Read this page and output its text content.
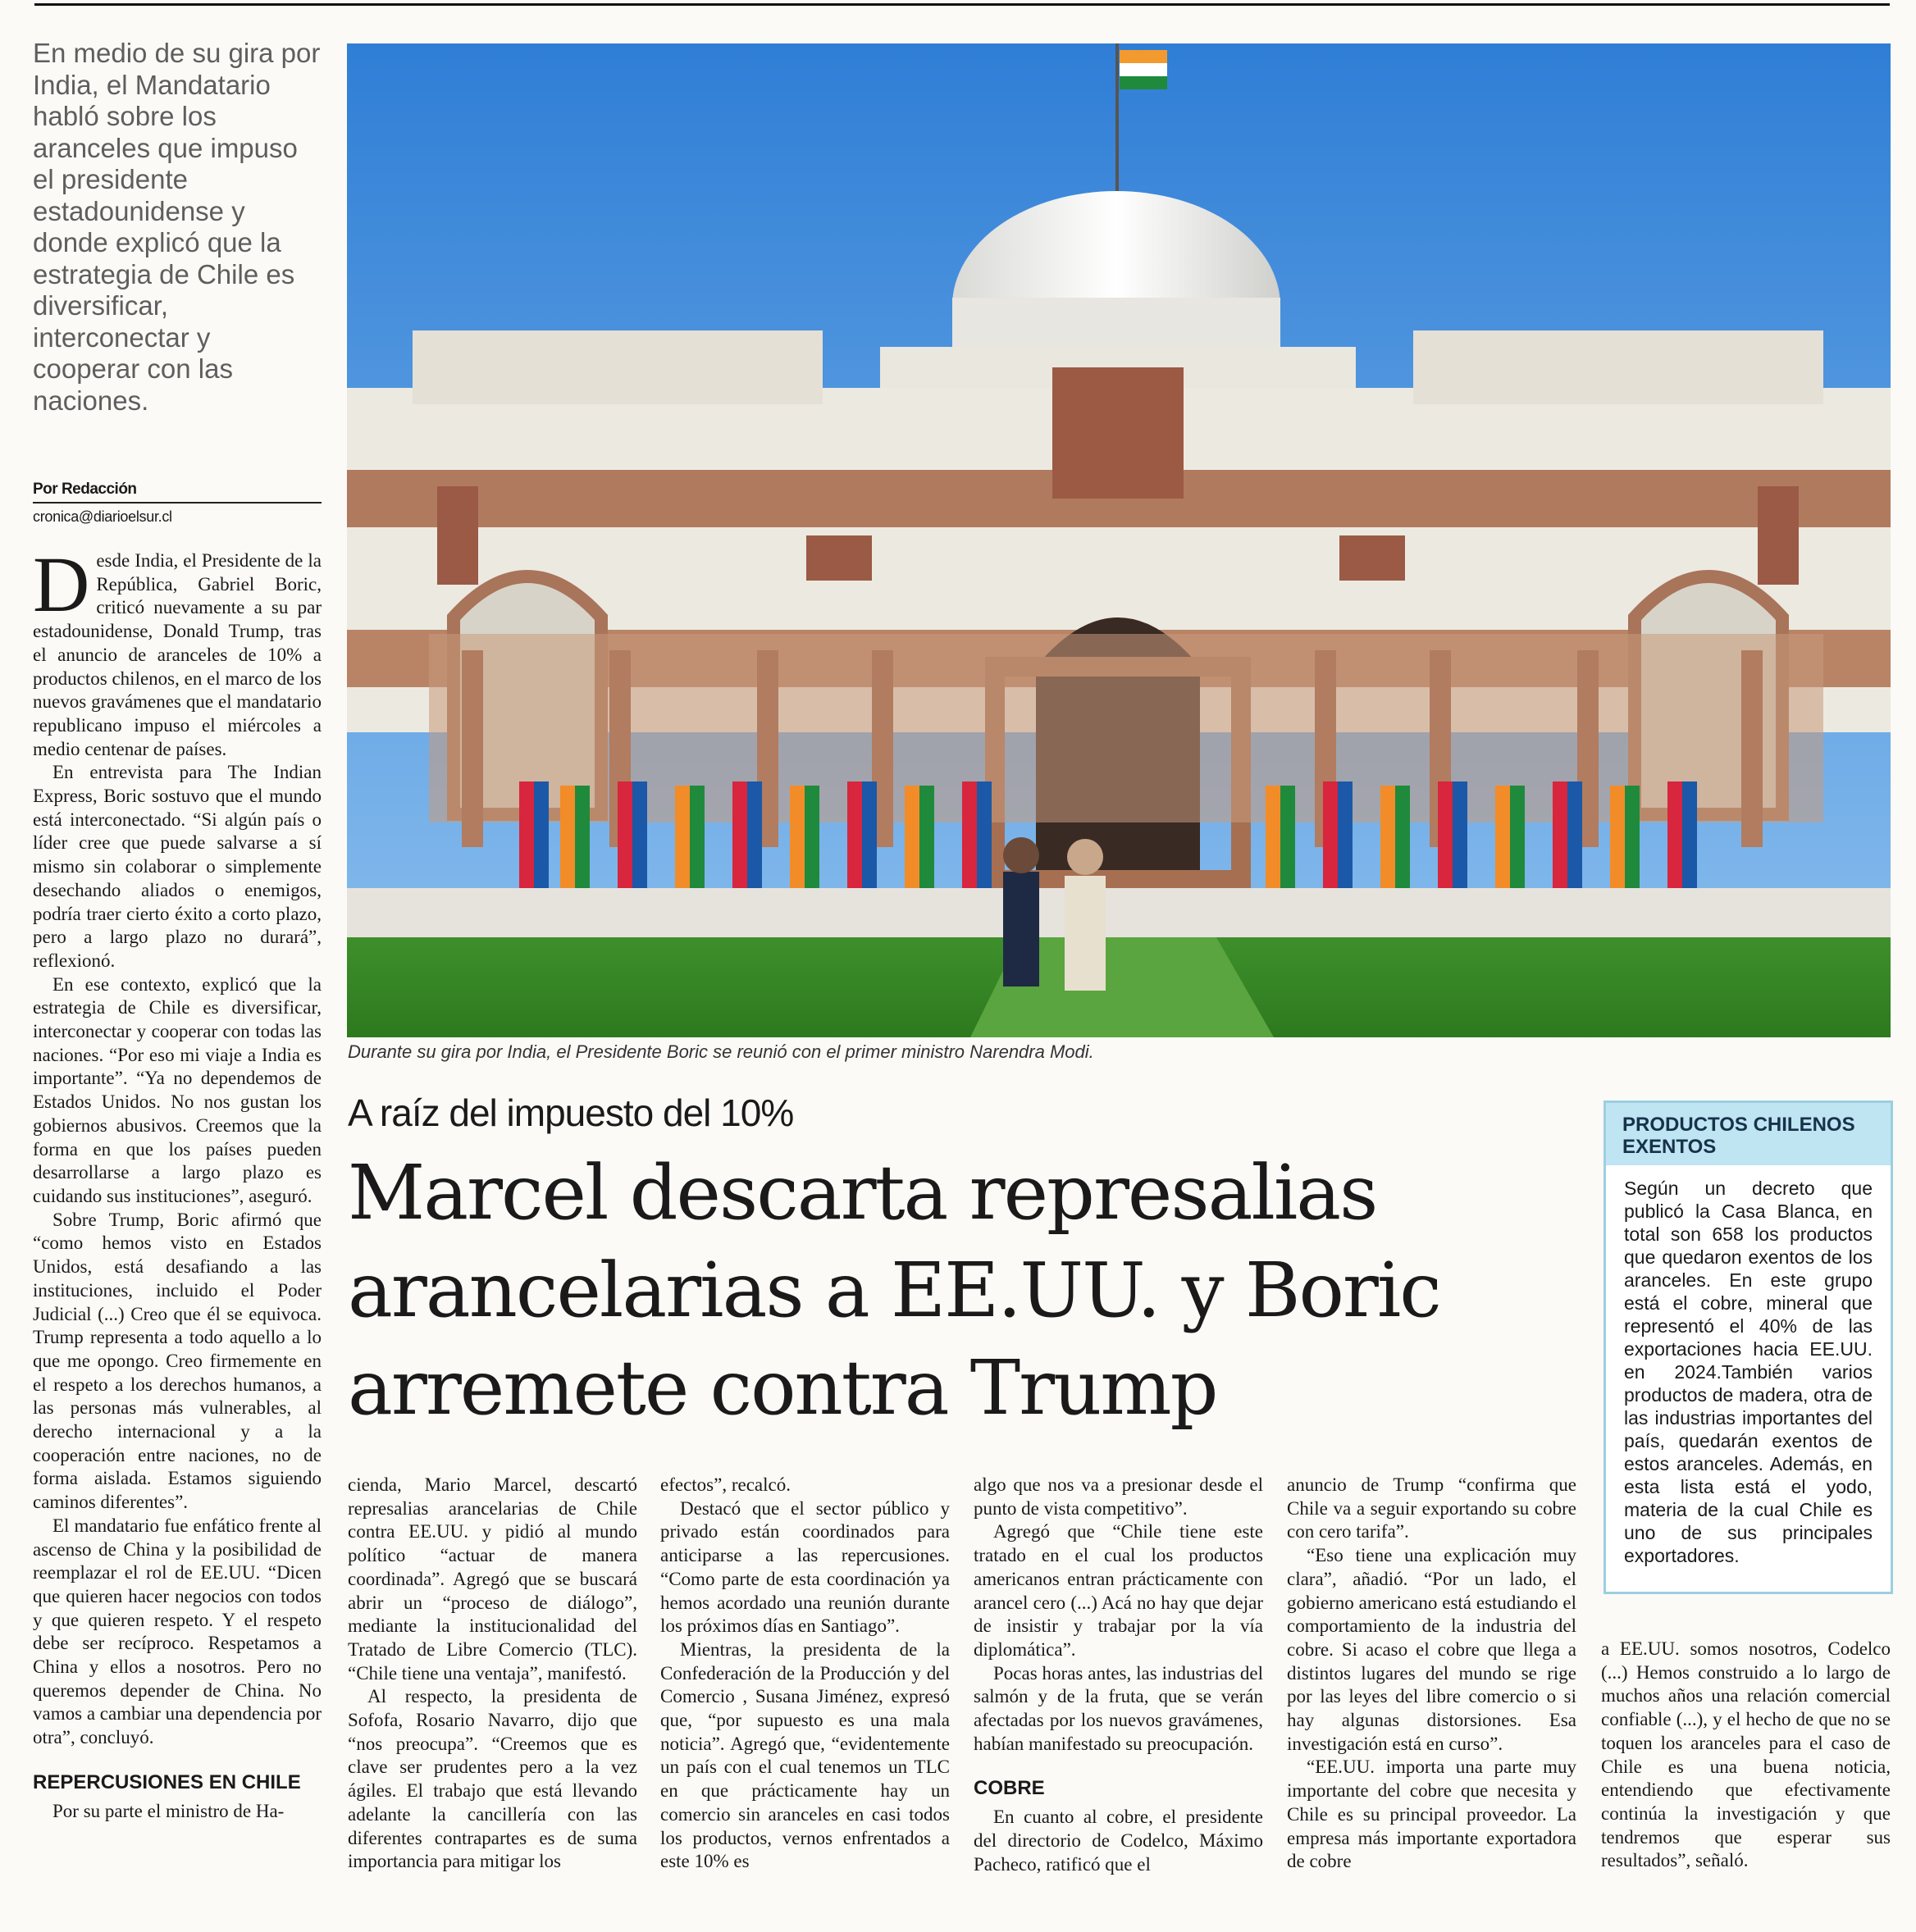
En medio de su gira por India, el Mandatario habló sobre los aranceles que impuso el presidente estadounidense y donde explicó que la estrategia de Chile es diversificar, interconectar y cooperar con las naciones.
Por Redacción
cronica@diarioelsur.cl
D esde India, el Presidente de la República, Gabriel Boric, criticó nuevamente a su par estadounidense, Donald Trump, tras el anuncio de aranceles de 10% a productos chilenos, en el marco de los nuevos gravámenes que el mandatario republicano impuso el miércoles a medio centenar de países.

En entrevista para The Indian Express, Boric sostuvo que el mundo está interconectado. “Si algún país o líder cree que puede salvarse a sí mismo sin colaborar o simplemente desechando aliados o enemigos, podría traer cierto éxito a corto plazo, pero a largo plazo no durará”, reflexionó.

En ese contexto, explicó que la estrategia de Chile es diversificar, interconectar y cooperar con todas las naciones. “Por eso mi viaje a India es importante”. “Ya no dependemos de Estados Unidos. No nos gustan los gobiernos abusivos. Creemos que la forma en que los países pueden desarrollarse a largo plazo es cuidando sus instituciones”, aseguró.

Sobre Trump, Boric afirmó que “como hemos visto en Estados Unidos, está desafiando a las instituciones, incluido el Poder Judicial (...) Creo que él se equivoca. Trump representa a todo aquello a lo que me opongo. Creo firmemente en el respeto a los derechos humanos, a las personas más vulnerables, al derecho internacional y a la cooperación entre naciones, no de forma aislada. Estamos siguiendo caminos diferentes”.

El mandatario fue enfático frente al ascenso de China y la posibilidad de reemplazar el rol de EE.UU. “Dicen que quieren hacer negocios con todos y que quieren respeto. Y el respeto debe ser recíproco. Respetamos a China y ellos a nosotros. Pero no queremos depender de China. No vamos a cambiar una dependencia por otra”, concluyó.

REPERCUSIONES EN CHILE

Por su parte el ministro de Ha-

Durante su gira por India, el Presidente Boric se reunió con el primer ministro Narendra Modi.
A raíz del impuesto del 10%
Marcel descarta represalias arancelarias a EE.UU. y Boric arremete contra Trump

cienda, Mario Marcel, descartó represalias arancelarias de Chile contra EE.UU. y pidió al mundo político “actuar de manera coordinada”. Agregó que se buscará abrir un “proceso de diálogo”, mediante la institucionalidad del Tratado de Libre Comercio (TLC). “Chile tiene una ventaja”, manifestó.

Al respecto, la presidenta de Sofofa, Rosario Navarro, dijo que “nos preocupa”. “Creemos que es clave ser prudentes pero a la vez ágiles. El trabajo que está llevando adelante la cancillería con las diferentes contrapartes es de suma importancia para mitigar los

efectos”, recalcó.

Destacó que el sector público y privado están coordinados para anticiparse a las repercusiones. “Como parte de esta coordinación ya hemos acordado una reunión durante los próximos días en Santiago”.

Mientras, la presidenta de la Confederación de la Producción y del Comercio , Susana Jiménez, expresó que, “por supuesto es una mala noticia”. Agregó que, “evidentemente un país con el cual tenemos un TLC en que prácticamente hay un comercio sin aranceles en casi todos los productos, vernos enfrentados a este 10% es

algo que nos va a presionar desde el punto de vista competitivo”.

Agregó que “Chile tiene este tratado en el cual los productos americanos entran prácticamente con arancel cero (...) Acá no hay que dejar de insistir y trabajar por la vía diplomática”.

Pocas horas antes, las industrias del salmón y de la fruta, que se verán afectadas por los nuevos gravámenes, habían manifestado su preocupación.

COBRE

En cuanto al cobre, el presidente del directorio de Codelco, Máximo Pacheco, ratificó que el

anuncio de Trump “confirma que Chile va a seguir exportando su cobre con cero tarifa”.

“Eso tiene una explicación muy clara”, añadió. “Por un lado, el gobierno americano está estudiando el comportamiento de la industria del cobre. Si acaso el cobre que llega a distintos lugares del mundo se rige por las leyes del libre comercio o si hay algunas distorsiones. Esa investigación está en curso”.

“EE.UU. importa una parte muy importante del cobre que necesita y Chile es su principal proveedor. La empresa más importante exportadora de cobre

PRODUCTOS CHILENOS EXENTOS
Según un decreto que publicó la Casa Blanca, en total son 658 los productos que quedaron exentos de los aranceles. En este grupo está el cobre, mineral que representó el 40% de las exportaciones hacia EE.UU. en 2024.También varios productos de madera, otra de las industrias importantes del país, quedarán exentos de estos aranceles. Además, en esta lista está el yodo, materia de la cual Chile es uno de sus principales exportadores.

a EE.UU. somos nosotros, Codelco (...) Hemos construido a lo largo de muchos años una relación comercial confiable (...), y el hecho de que no se toquen los aranceles para el caso de Chile es una buena noticia, entendiendo que efectivamente continúa la investigación y que tendremos que esperar sus resultados”, señaló.
